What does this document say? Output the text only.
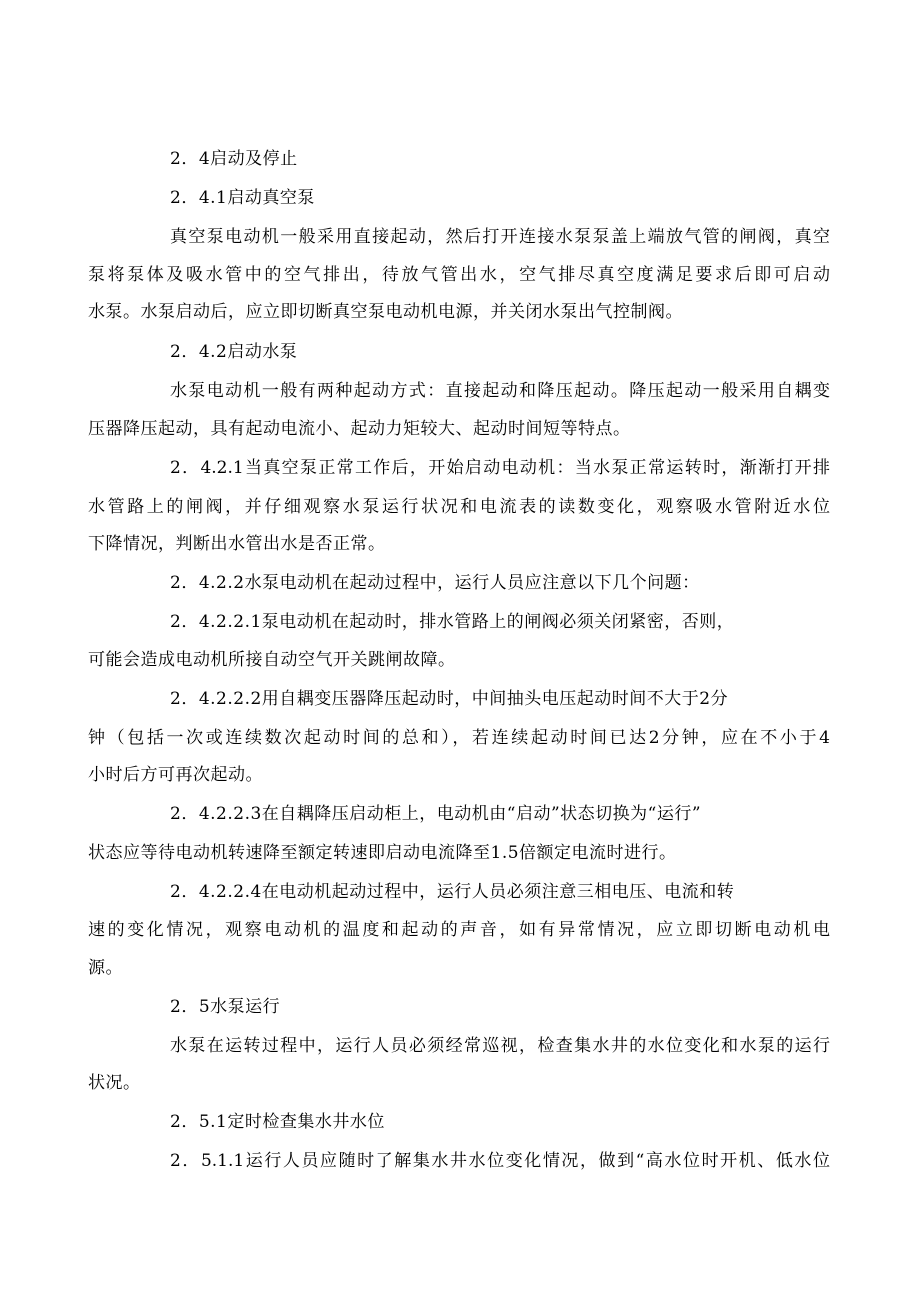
2．4启动及停止
2．4.1启动真空泵
真空泵电动机一般采用直接起动，然后打开连接水泵泵盖上端放气管的闸阀，真空
泵将泵体及吸水管中的空气排出，待放气管出水，空气排尽真空度满足要求后即可启动
水泵。水泵启动后，应立即切断真空泵电动机电源，并关闭水泵出气控制阀。
2．4.2启动水泵
水泵电动机一般有两种起动方式：直接起动和降压起动。降压起动一般采用自耦变
压器降压起动，具有起动电流小、起动力矩较大、起动时间短等特点。
2．4.2.1当真空泵正常工作后，开始启动电动机：当水泵正常运转时，渐渐打开排
水管路上的闸阀，并仔细观察水泵运行状况和电流表的读数变化，观察吸水管附近水位
下降情况，判断出水管出水是否正常。
2．4.2.2水泵电动机在起动过程中，运行人员应注意以下几个问题：
2．4.2.2.1泵电动机在起动时，排水管路上的闸阀必须关闭紧密，否则，
可能会造成电动机所接自动空气开关跳闸故障。
2．4.2.2.2用自耦变压器降压起动时，中间抽头电压起动时间不大于2分
钟（包括一次或连续数次起动时间的总和），若连续起动时间已达2分钟，应在不小于4
小时后方可再次起动。
2．4.2.2.3在自耦降压启动柜上，电动机由“启动”状态切换为“运行”
状态应等待电动机转速降至额定转速即启动电流降至1.5倍额定电流时进行。
2．4.2.2.4在电动机起动过程中，运行人员必须注意三相电压、电流和转
速的变化情况，观察电动机的温度和起动的声音，如有异常情况，应立即切断电动机电
源。
2．5水泵运行
水泵在运转过程中，运行人员必须经常巡视，检查集水井的水位变化和水泵的运行
状况。
2．5.1定时检查集水井水位
2．5.1.1运行人员应随时了解集水井水位变化情况，做到“高水位时开机、低水位
